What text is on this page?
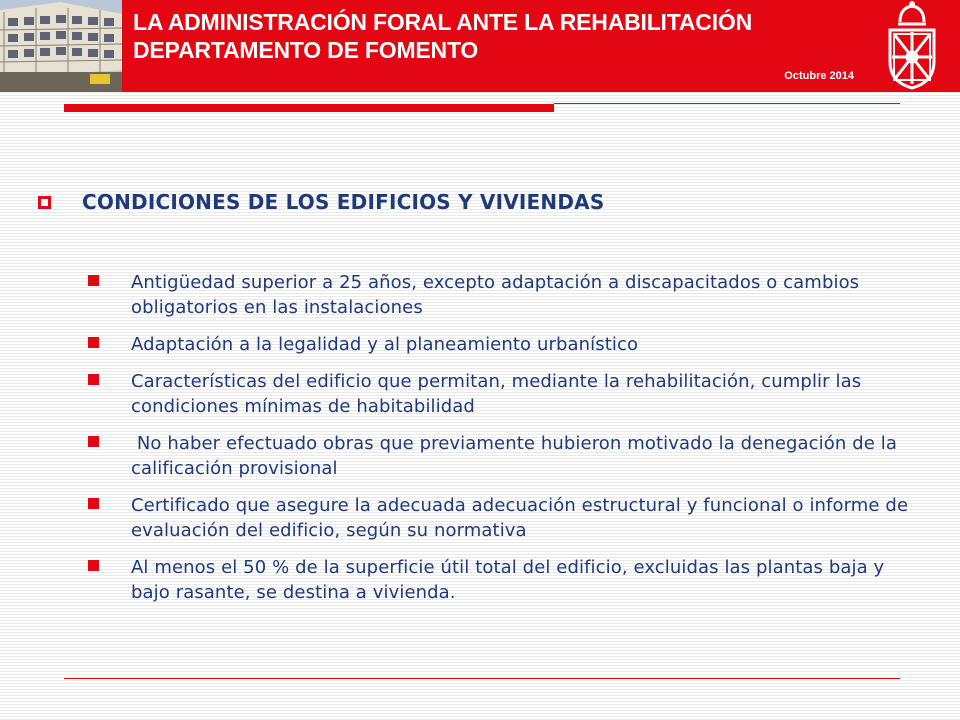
LA ADMINISTRACIÓN FORAL ANTE LA REHABILITACIÓN
DEPARTAMENTO DE FOMENTO
Octubre 2014
CONDICIONES DE LOS EDIFICIOS Y VIVIENDAS
Antigüedad superior a 25 años, excepto adaptación a discapacitados o cambios obligatorios en las instalaciones
Adaptación a la legalidad y al planeamiento urbanístico
Características del edificio que permitan, mediante la rehabilitación, cumplir las condiciones mínimas de habitabilidad
No haber efectuado obras que previamente hubieron motivado la denegación de la calificación provisional
Certificado que asegure la adecuada adecuación estructural y funcional o informe de evaluación del edificio, según su normativa
Al menos el 50 % de la superficie útil total del edificio, excluidas las plantas baja y bajo rasante, se destina a vivienda.
